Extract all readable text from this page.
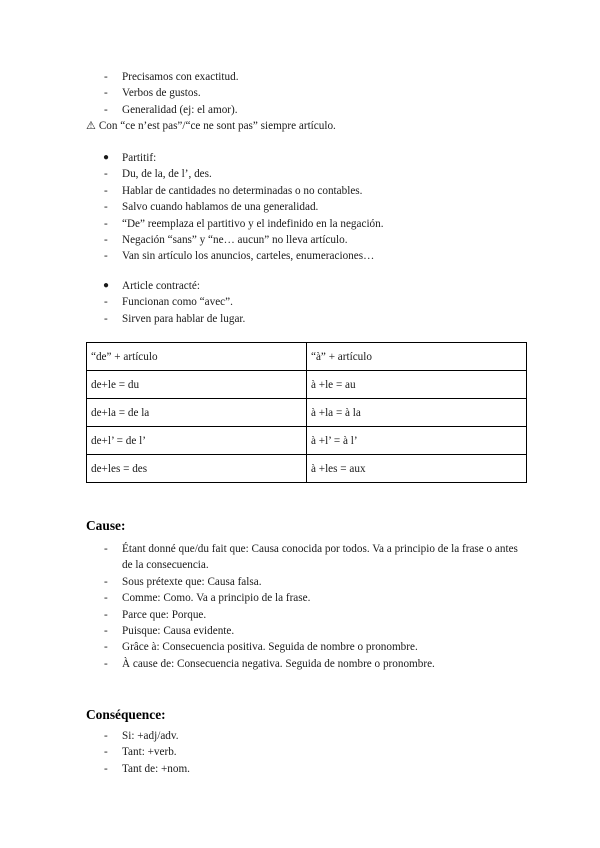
- Precisamos con exactitud.
- Verbos de gustos.
- Generalidad (ej: el amor).
⚠ Con “ce n’est pas”/“ce ne sont pas” siempre artículo.
● Partitif:
- Du, de la, de l’, des.
- Hablar de cantidades no determinadas o no contables.
- Salvo cuando hablamos de una generalidad.
- “De” reemplaza el partitivo y el indefinido en la negación.
- Negación “sans” y “ne… aucun” no lleva artículo.
- Van sin artículo los anuncios, carteles, enumeraciones…
● Article contracté:
- Funcionan como “avec”.
- Sirven para hablar de lugar.
“de” + artículo	“à” + artículo
de+le = du	à +le = au
de+la = de la	à +la = à la
de+l’ = de l’	à +l’ = à l’
de+les = des	à +les = aux
Cause:
- Étant donné que/du fait que: Causa conocida por todos. Va a principio de la frase o antes de la consecuencia.
- Sous prétexte que: Causa falsa.
- Comme: Como. Va a principio de la frase.
- Parce que: Porque.
- Puisque: Causa evidente.
- Grâce à: Consecuencia positiva. Seguida de nombre o pronombre.
- À cause de: Consecuencia negativa. Seguida de nombre o pronombre.
Conséquence:
- Si: +adj/adv.
- Tant: +verb.
- Tant de: +nom.
